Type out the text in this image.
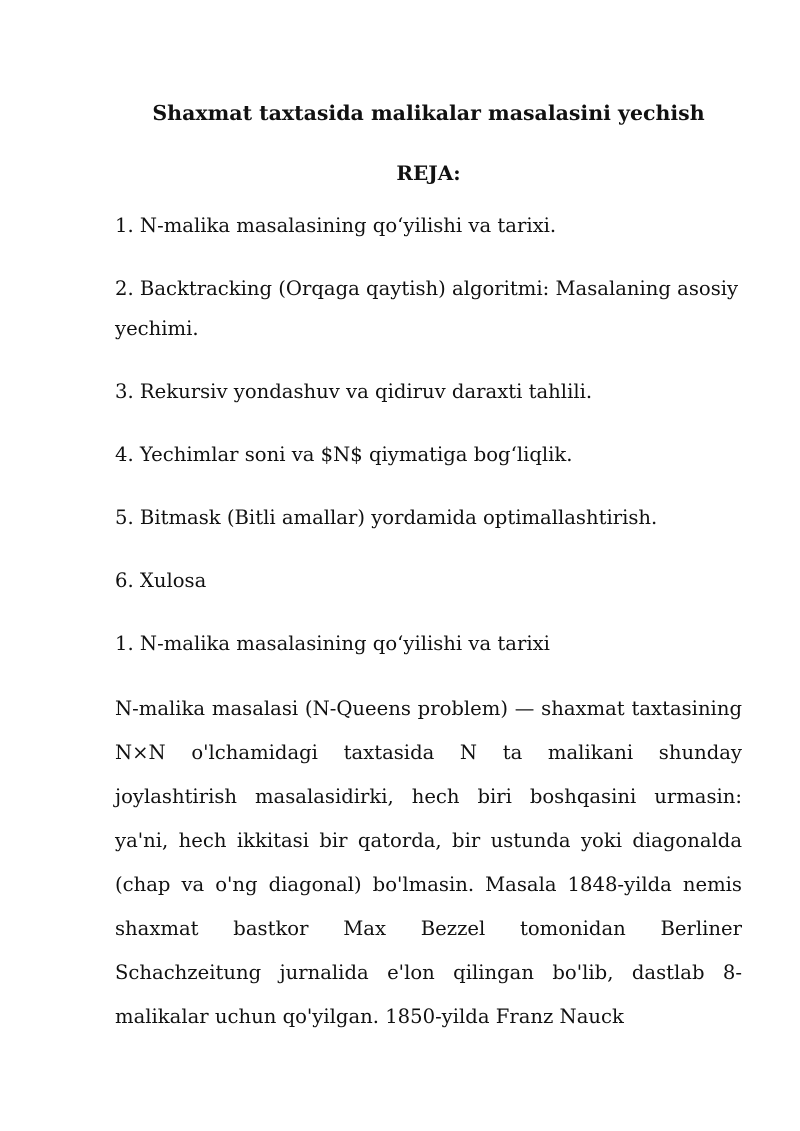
Shaxmat taxtasida malikalar masalasini yechish
REJA:
1. N-malika masalasining qo‘yilishi va tarixi.
2. Backtracking (Orqaga qaytish) algoritmi: Masalaning asosiy yechimi.
3. Rekursiv yondashuv va qidiruv daraxti tahlili.
4. Yechimlar soni va $N$ qiymatiga bog‘liqlik.
5. Bitmask (Bitli amallar) yordamida optimallashtirish.
6. Xulosa
1. N-malika masalasining qo‘yilishi va tarixi

N-malika masalasi (N-Queens problem) — shaxmat taxtasining N×N o'lchamidagi taxtasida N ta malikani shunday joylashtirish masalasidirki, hech biri boshqasini urmasin: ya'ni, hech ikkitasi bir qatorda, bir ustunda yoki diagonalda (chap va o'ng diagonal) bo'lmasin. Masala 1848-yilda nemis shaxmat bastkor Max Bezzel tomonidan Berliner Schachzeitung jurnalida e'lon qilingan bo'lib, dastlab 8-malikalar uchun qo'yilgan. 1850-yilda Franz Nauck
